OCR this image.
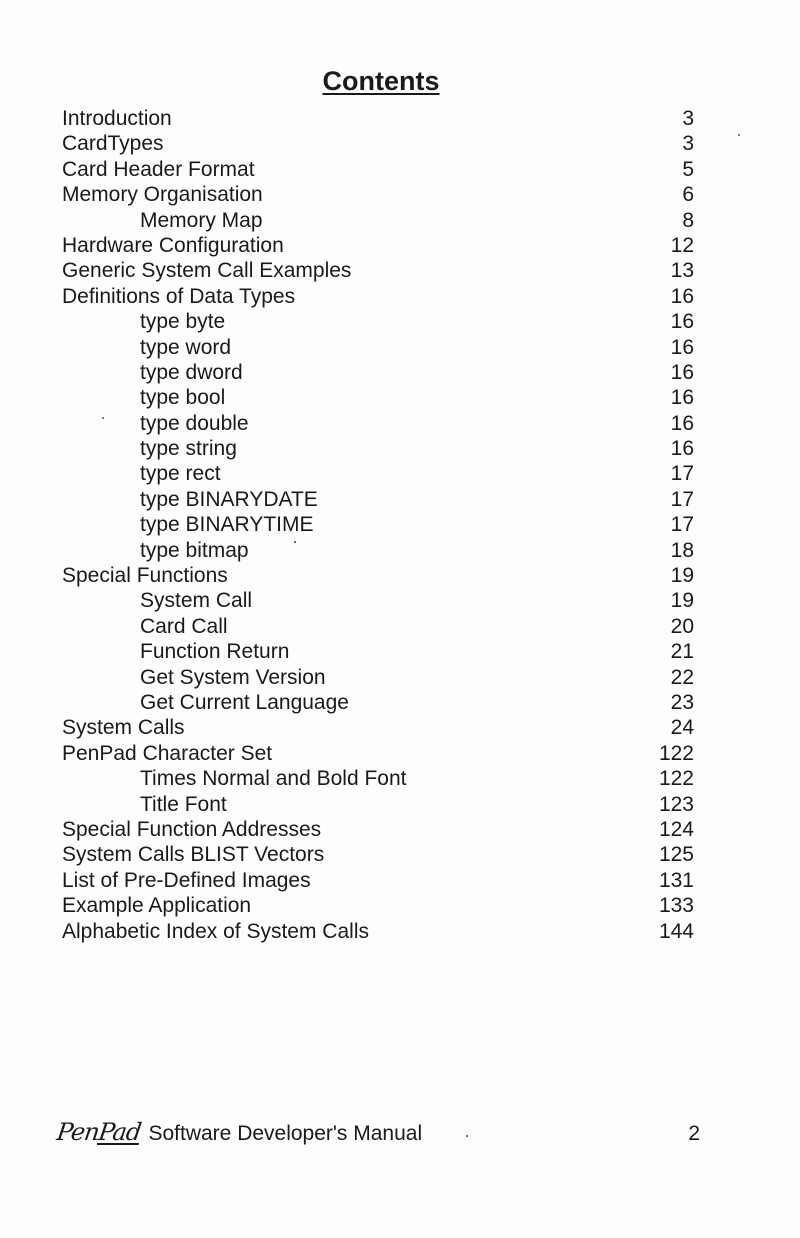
Contents
Introduction	3
CardTypes	3
Card Header Format	5
Memory Organisation	6
Memory Map	8
Hardware Configuration	12
Generic System Call Examples	13
Definitions of Data Types	16
type byte	16
type word	16
type dword	16
type bool	16
type double	16
type string	16
type rect	17
type BINARYDATE	17
type BINARYTIME	17
type bitmap	18
Special Functions	19
System Call	19
Card Call	20
Function Return	21
Get System Version	22
Get Current Language	23
System Calls	24
PenPad Character Set	122
Times Normal and Bold Font	122
Title Font	123
Special Function Addresses	124
System Calls BLIST Vectors	125
List of Pre-Defined Images	131
Example Application	133
Alphabetic Index of System Calls	144
PenPad Software Developer's Manual	2
